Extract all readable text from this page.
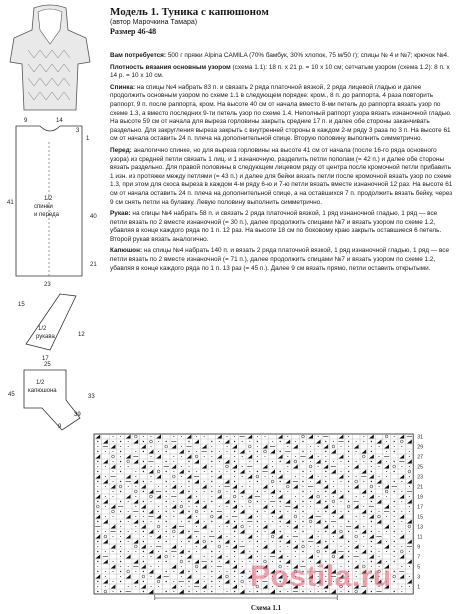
9	14
3
1
41
40
21
23
1/2
спинки
и переда
15
1/2
рукава
17
12
45
25
33
39
9
1/2
капюшона
Модель 1. Туника с капюшоном
(автор Марочкина Тамара)
Размер 46-48

Вам потребуется: 500 г пряжи Alpina CAMILA (70% бамбук, 30% хлопок, 75 м/50 г); спицы № 4 и №7; крючок №4.

Плотность вязания основным узором (схема 1.1): 18 п. х 21 р. = 10 х 10 см; сетчатым узором (схема 1.2): 8 п. х 14 р. = 10 х 10 см.

Спинка: на спицы №4 набрать 83 п. и связать 2 ряда платочной вязкой, 2 ряда лицевой гладью и далее продолжить основным узором по схеме 1.1 в следующем порядке: кром., 8 п. до раппорта, 4 раза повторить раппорт, 9 п. после раппорта, кром. На высоте 40 см от начала вместо 8-ми петель до раппорта вязать узор по схеме 1.3, а вместо последних 9-ти петель узор по схеме 1.4. Неполный раппорт узора вязать изнаночной гладью. На высоте 59 см от начала для выреза горловины закрыть средние 17 п. и далее обе стороны заканчивать раздельно. Для закругления выреза закрыть с внутренней стороны в каждом 2-м ряду 3 раза по 3 п. На высоте 61 см от начала оставить 24 п. плеча на дополнительной спице. Вторую половину выполнить симметрично.

Перед: аналогично спинке, но для выреза горловины на высоте 41 см от начала (после 16-го ряда основного узора) из средней петли связать 1 лиц. и 1 изнаночную, разделить петли пополам (= 42 п.) и далее обе стороны вязать раздельно. Для правой половины в следующем лицевом ряду от центра после кромочной петли прибавить 1 изн. из протяжки между петлями (= 43 п.) и далее для бейки вязать петли после кромочной вязать узор по схеме 1.3, при этом для скоса выреза в каждом 4-м ряду 6-ю и 7-ю петли вязать вместе изнаночной 12 раз. На высоте 61 см от начала оставить 24 п. плеча на дополнительной спице, а на оставшихся 7 п. продолжить вязать бейку, через 9 см снять петли на булавку. Левую половину выполнить симметрично.

Рукав: на спицы №4 набрать 58 п. и связать 2 ряда платочной вязкой, 1 ряд изнаночной гладью, 1 ряд — все петли вязать по 2 вместе изнаночной (= 30 п.), далее продолжить спицами №7 и вязать узором по схеме 1.2, убавляя в конце каждого ряда по 1 п. 12 раз. На высоте 18 см по боковому краю закрыть оставшиеся 6 петель. Второй рукав вязать аналогично.

Капюшон: на спицы №4 набрать 140 п. и вязать 2 ряда платочной вязкой, 1 ряд изнаночной гладью, 1 ряд — все петли вязать по 2 вместе изнаночной (= 71 п.), далее продолжить спицами №7 и вязать узором по схеме 1.2, убавляя в конце каждого ряда по 1 п. 13 раз (= 45 п.). Далее 9 см вязать прямо, петли оставить открытыми.

31
29
27
25
23
21
19
17
15
13
11
9
7
5
3
1
Схема 1.1
Postila.ru
